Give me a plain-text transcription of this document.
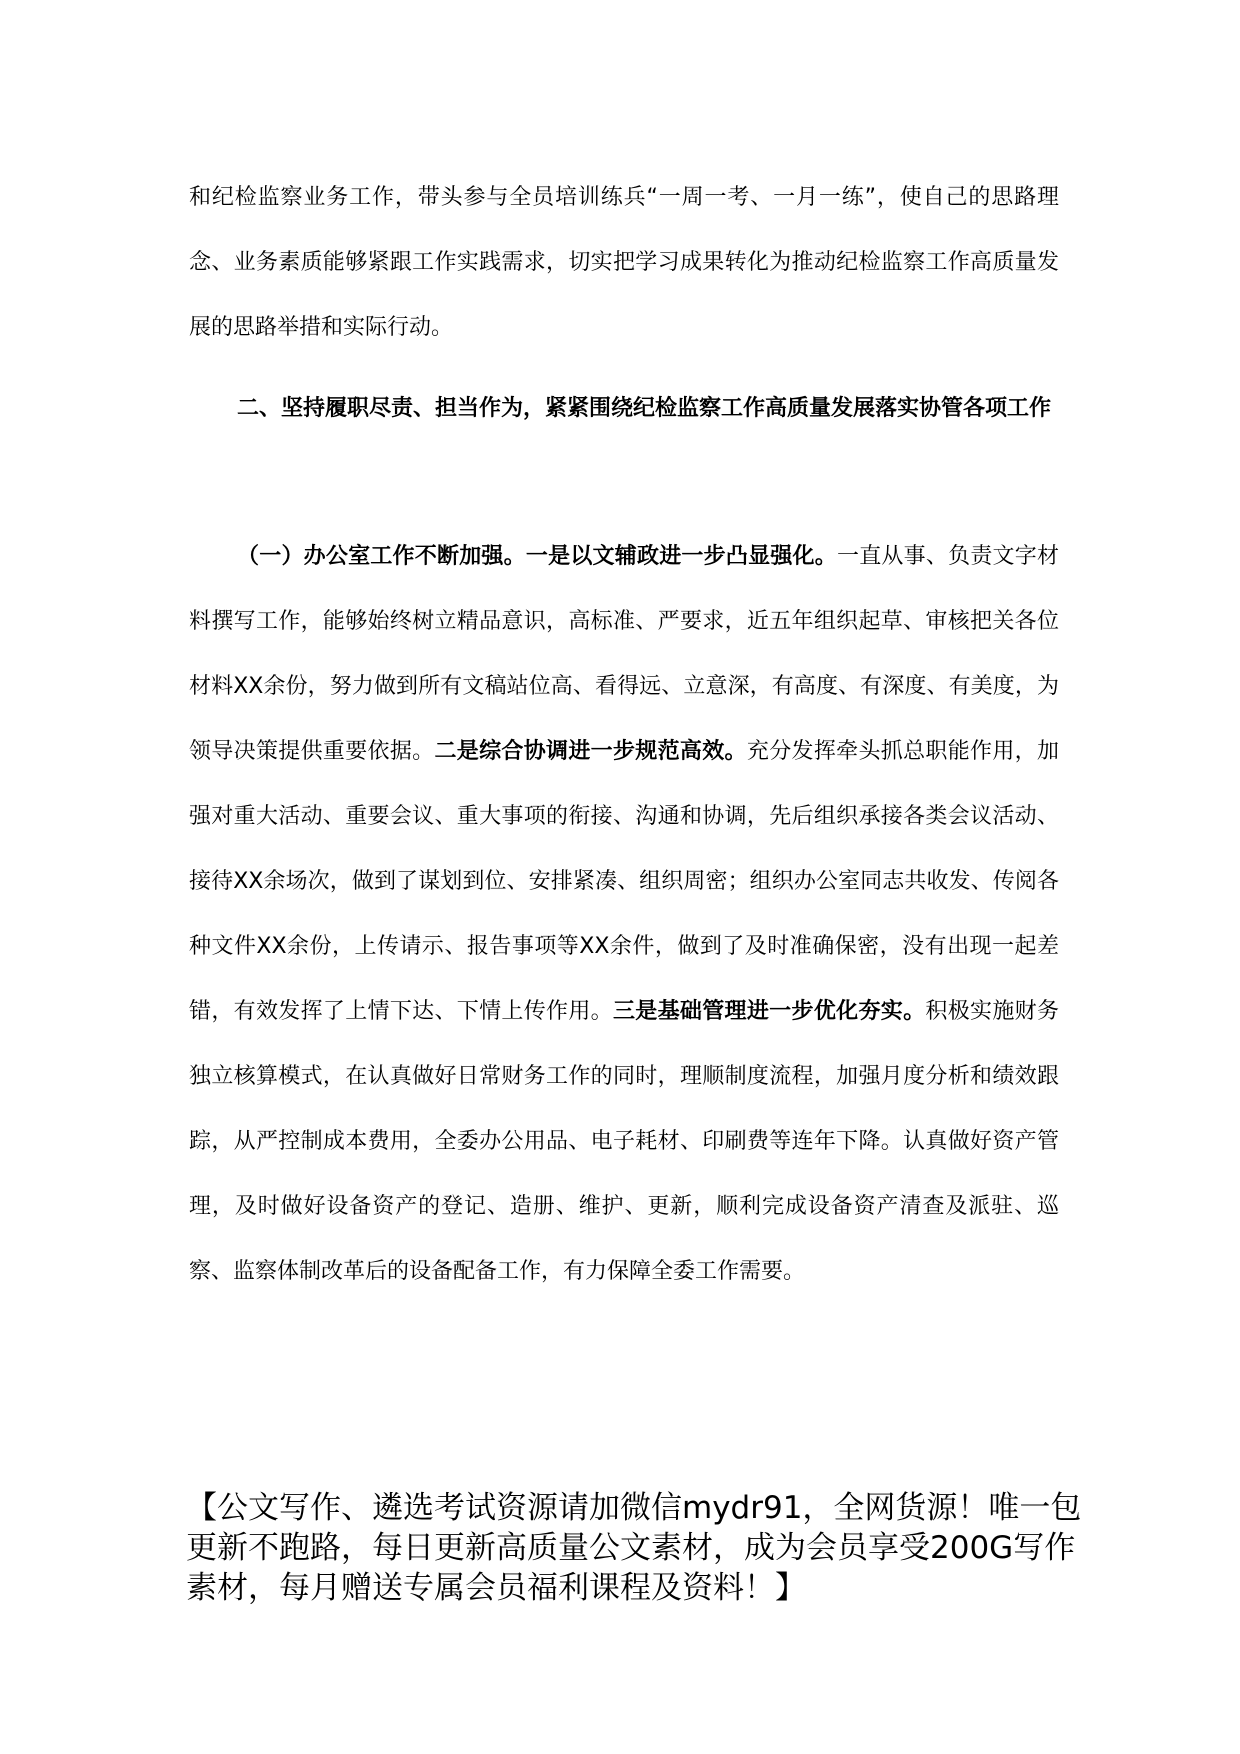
和纪检监察业务工作，带头参与全员培训练兵“一周一考、一月一练”，使自己的思路理念、业务素质能够紧跟工作实践需求，切实把学习成果转化为推动纪检监察工作高质量发展的思路举措和实际行动。

二、坚持履职尽责、担当作为，紧紧围绕纪检监察工作高质量发展落实协管各项工作

（一）办公室工作不断加强。一是以文辅政进一步凸显强化。一直从事、负责文字材料撰写工作，能够始终树立精品意识，高标准、严要求，近五年组织起草、审核把关各位材料XX余份，努力做到所有文稿站位高、看得远、立意深，有高度、有深度、有美度，为领导决策提供重要依据。二是综合协调进一步规范高效。充分发挥牵头抓总职能作用，加强对重大活动、重要会议、重大事项的衔接、沟通和协调，先后组织承接各类会议活动、接待XX余场次，做到了谋划到位、安排紧凑、组织周密；组织办公室同志共收发、传阅各种文件XX余份，上传请示、报告事项等XX余件，做到了及时准确保密，没有出现一起差错，有效发挥了上情下达、下情上传作用。三是基础管理进一步优化夯实。积极实施财务独立核算模式，在认真做好日常财务工作的同时，理顺制度流程，加强月度分析和绩效跟踪，从严控制成本费用，全委办公用品、电子耗材、印刷费等连年下降。认真做好资产管理，及时做好设备资产的登记、造册、维护、更新，顺利完成设备资产清查及派驻、巡察、监察体制改革后的设备配备工作，有力保障全委工作需要。

【公文写作、遴选考试资源请加微信mydr91，全网货源！唯一包更新不跑路，每日更新高质量公文素材，成为会员享受200G写作素材，每月赠送专属会员福利课程及资料！】
